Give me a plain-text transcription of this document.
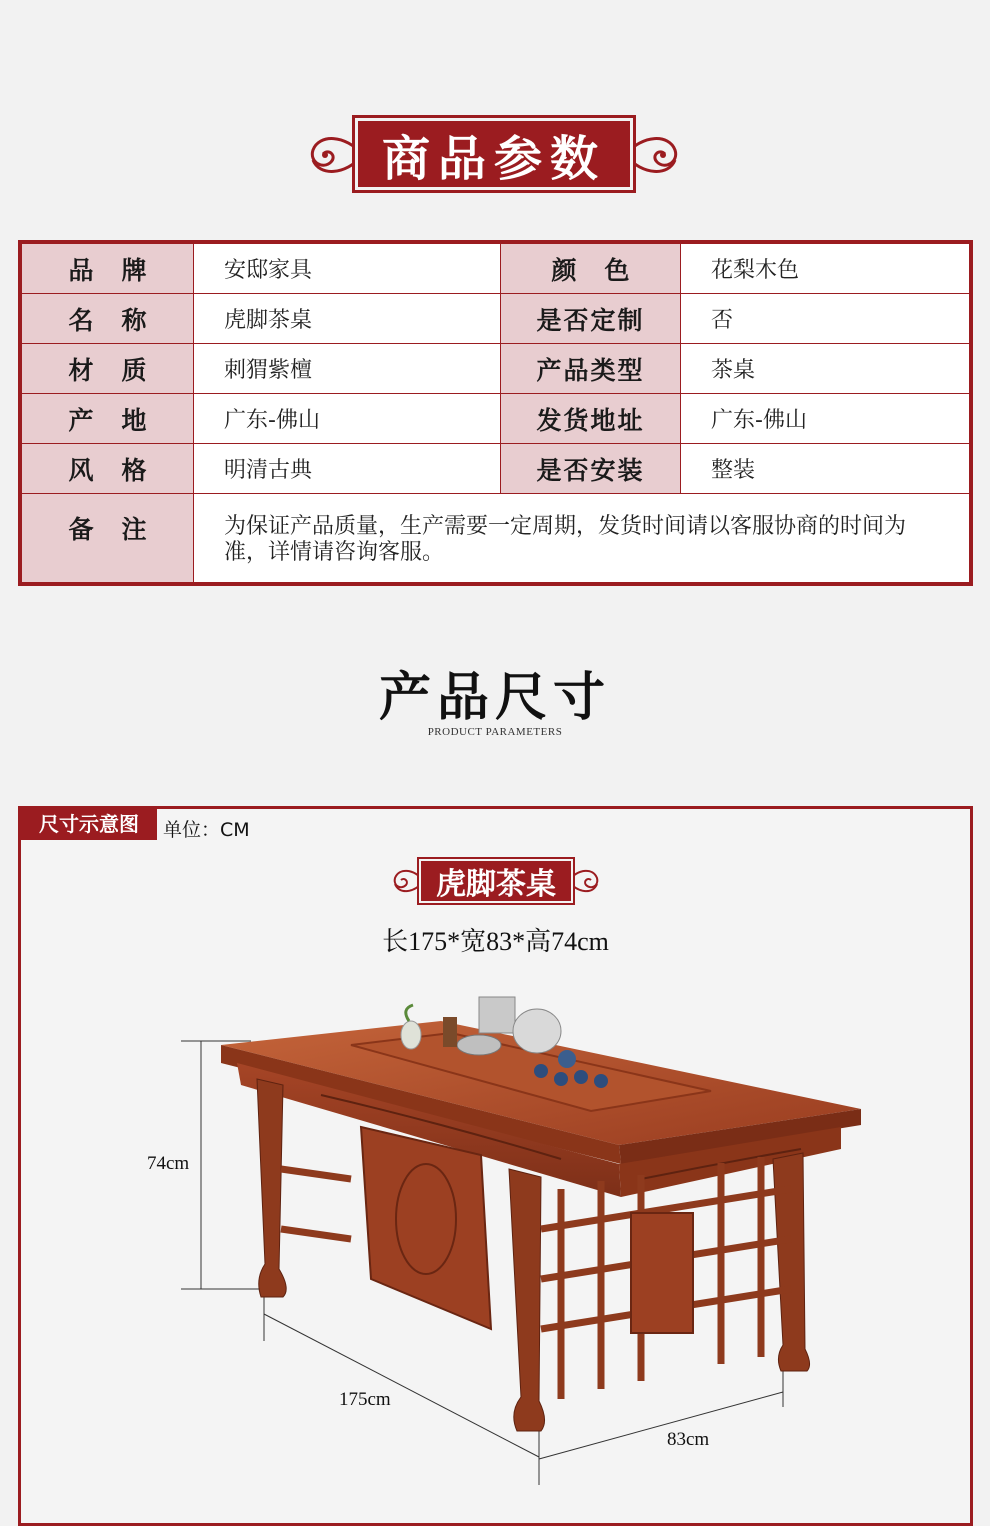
商品参数
品牌	安邸家具	颜色	花梨木色
名称	虎脚茶桌	是否定制	否
材质	刺猬紫檀	产品类型	茶桌
产地	广东-佛山	发货地址	广东-佛山
风格	明清古典	是否安装	整装
备注	为保证产品质量，生产需要一定周期，发货时间请以客服协商的时间为准，详情请咨询客服。		
产品尺寸
PRODUCT PARAMETERS
尺寸示意图	单位：CM
虎脚茶桌
长175*宽83*高74cm
74cm
175cm
83cm
